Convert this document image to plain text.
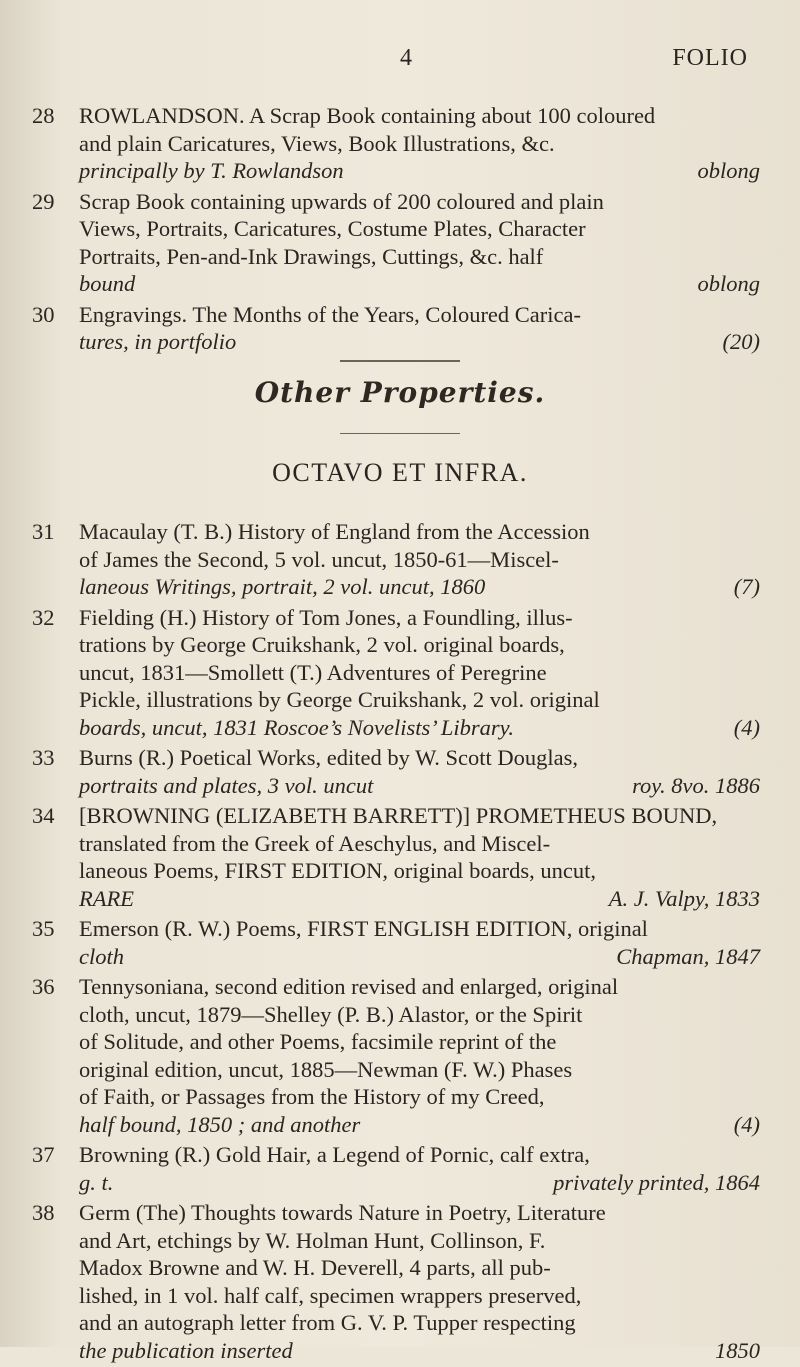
4	FOLIO
28	ROWLANDSON. A Scrap Book containing about 100 coloured
and plain Caricatures, Views, Book Illustrations, &c.
principally by T. Rowlandson	oblong
29	Scrap Book containing upwards of 200 coloured and plain
Views, Portraits, Caricatures, Costume Plates, Character
Portraits, Pen-and-Ink Drawings, Cuttings, &c. half
bound	oblong
30	Engravings. The Months of the Years, Coloured Carica-
tures, in portfolio	(20)
Other Properties.
OCTAVO ET INFRA.
31	Macaulay (T. B.) History of England from the Accession
of James the Second, 5 vol. uncut, 1850-61—Miscel-
laneous Writings, portrait, 2 vol. uncut, 1860	(7)
32	Fielding (H.) History of Tom Jones, a Foundling, illus-
trations by George Cruikshank, 2 vol. original boards,
uncut, 1831—Smollett (T.) Adventures of Peregrine
Pickle, illustrations by George Cruikshank, 2 vol. original
boards, uncut, 1831 Roscoe’s Novelists’ Library.	(4)
33	Burns (R.) Poetical Works, edited by W. Scott Douglas,
portraits and plates, 3 vol. uncut	roy. 8vo. 1886
34	[BROWNING (ELIZABETH BARRETT)] PROMETHEUS BOUND,
translated from the Greek of Aeschylus, and Miscel-
laneous Poems, FIRST EDITION, original boards, uncut,
RARE	A. J. Valpy, 1833
35	Emerson (R. W.) Poems, FIRST ENGLISH EDITION, original
cloth	Chapman, 1847
36	Tennysoniana, second edition revised and enlarged, original
cloth, uncut, 1879—Shelley (P. B.) Alastor, or the Spirit
of Solitude, and other Poems, facsimile reprint of the
original edition, uncut, 1885—Newman (F. W.) Phases
of Faith, or Passages from the History of my Creed,
half bound, 1850 ; and another	(4)
37	Browning (R.) Gold Hair, a Legend of Pornic, calf extra,
g. t.	privately printed, 1864
38	Germ (The) Thoughts towards Nature in Poetry, Literature
and Art, etchings by W. Holman Hunt, Collinson, F.
Madox Browne and W. H. Deverell, 4 parts, all pub-
lished, in 1 vol. half calf, specimen wrappers preserved,
and an autograph letter from G. V. P. Tupper respecting
the publication inserted	1850
